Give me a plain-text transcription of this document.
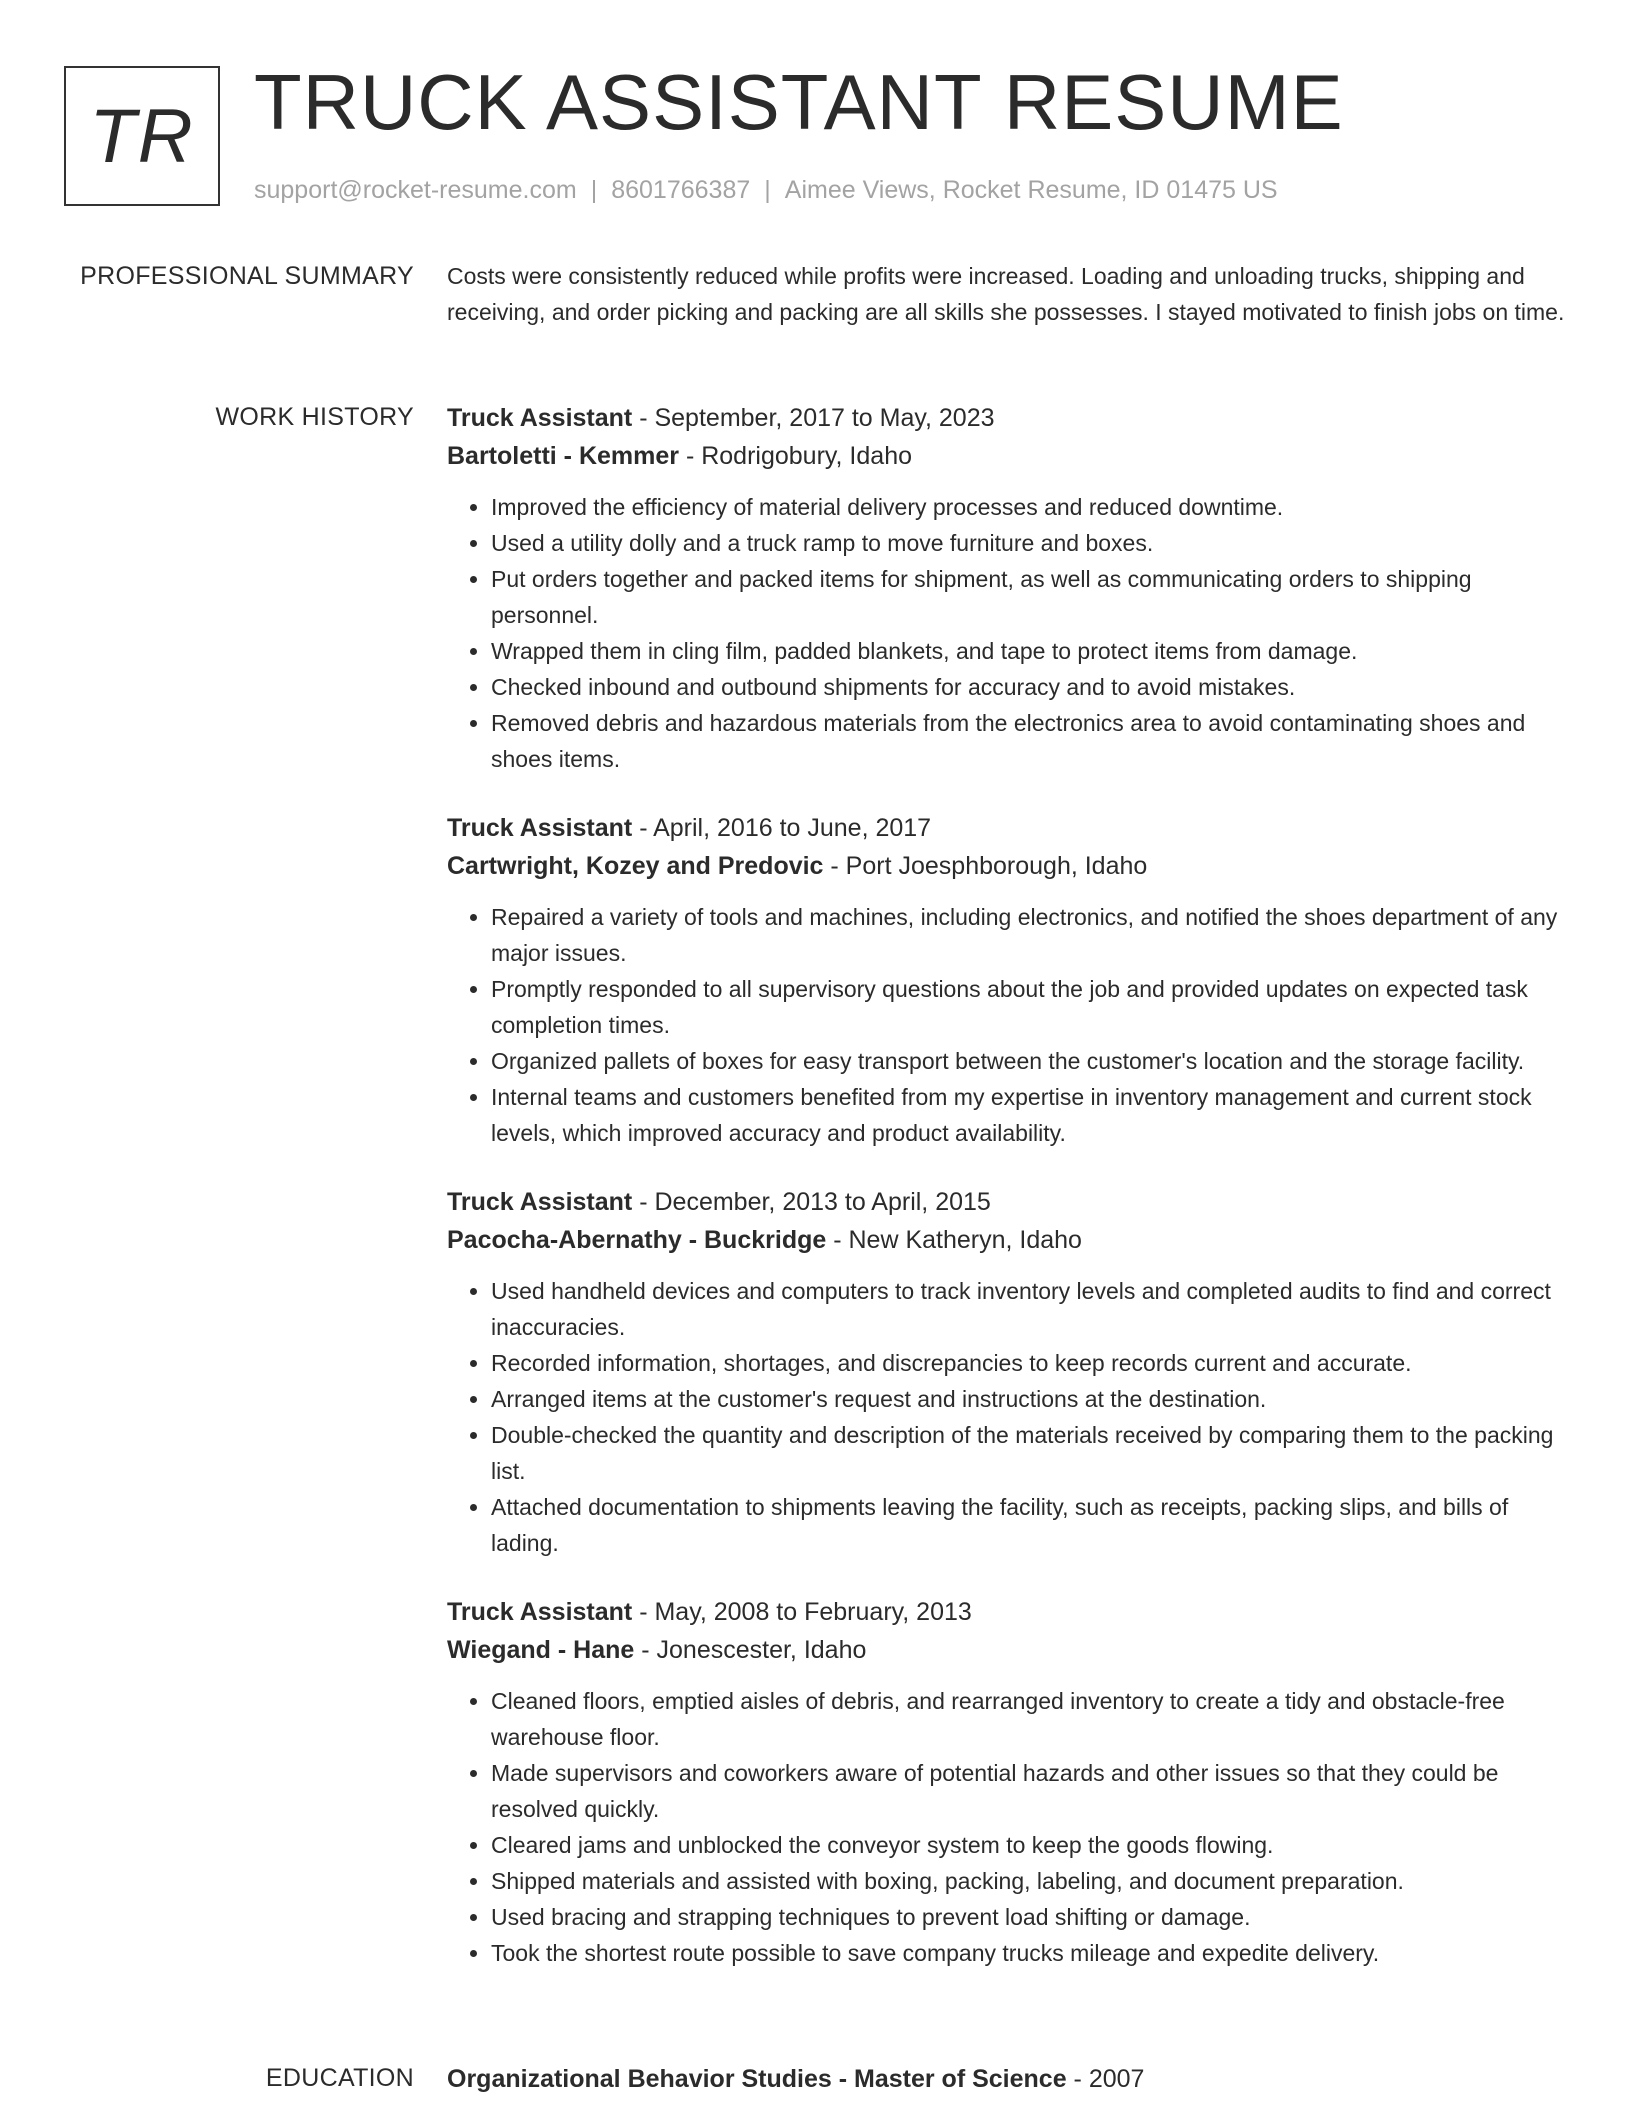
TR TRUCK ASSISTANT RESUME
support@rocket-resume.com | 8601766387 | Aimee Views, Rocket Resume, ID 01475 US
PROFESSIONAL SUMMARY Costs were consistently reduced while profits were increased. Loading and unloading trucks, shipping and receiving, and order picking and packing are all skills she possesses. I stayed motivated to finish jobs on time.

WORK HISTORY Truck Assistant - September, 2017 to May, 2023

Bartoletti - Kemmer - Rodrigobury, Idaho

• Improved the efficiency of material delivery processes and reduced downtime.
• Used a utility dolly and a truck ramp to move furniture and boxes.
• Put orders together and packed items for shipment, as well as communicating orders to shipping personnel.
• Wrapped them in cling film, padded blankets, and tape to protect items from damage.
• Checked inbound and outbound shipments for accuracy and to avoid mistakes.
• Removed debris and hazardous materials from the electronics area to avoid contaminating shoes and shoes items.

Truck Assistant - April, 2016 to June, 2017

Cartwright, Kozey and Predovic - Port Joesphborough, Idaho

• Repaired a variety of tools and machines, including electronics, and notified the shoes department of any major issues.
• Promptly responded to all supervisory questions about the job and provided updates on expected task completion times.
• Organized pallets of boxes for easy transport between the customer's location and the storage facility.
• Internal teams and customers benefited from my expertise in inventory management and current stock levels, which improved accuracy and product availability.

Truck Assistant - December, 2013 to April, 2015

Pacocha-Abernathy - Buckridge - New Katheryn, Idaho

• Used handheld devices and computers to track inventory levels and completed audits to find and correct inaccuracies.
• Recorded information, shortages, and discrepancies to keep records current and accurate.
• Arranged items at the customer's request and instructions at the destination.
• Double-checked the quantity and description of the materials received by comparing them to the packing list.
• Attached documentation to shipments leaving the facility, such as receipts, packing slips, and bills of lading.

Truck Assistant - May, 2008 to February, 2013

Wiegand - Hane - Jonescester, Idaho

• Cleaned floors, emptied aisles of debris, and rearranged inventory to create a tidy and obstacle-free warehouse floor.
• Made supervisors and coworkers aware of potential hazards and other issues so that they could be resolved quickly.
• Cleared jams and unblocked the conveyor system to keep the goods flowing.
• Shipped materials and assisted with boxing, packing, labeling, and document preparation.
• Used bracing and strapping techniques to prevent load shifting or damage.
• Took the shortest route possible to save company trucks mileage and expedite delivery.
EDUCATION Organizational Behavior Studies - Master of Science - 2007
